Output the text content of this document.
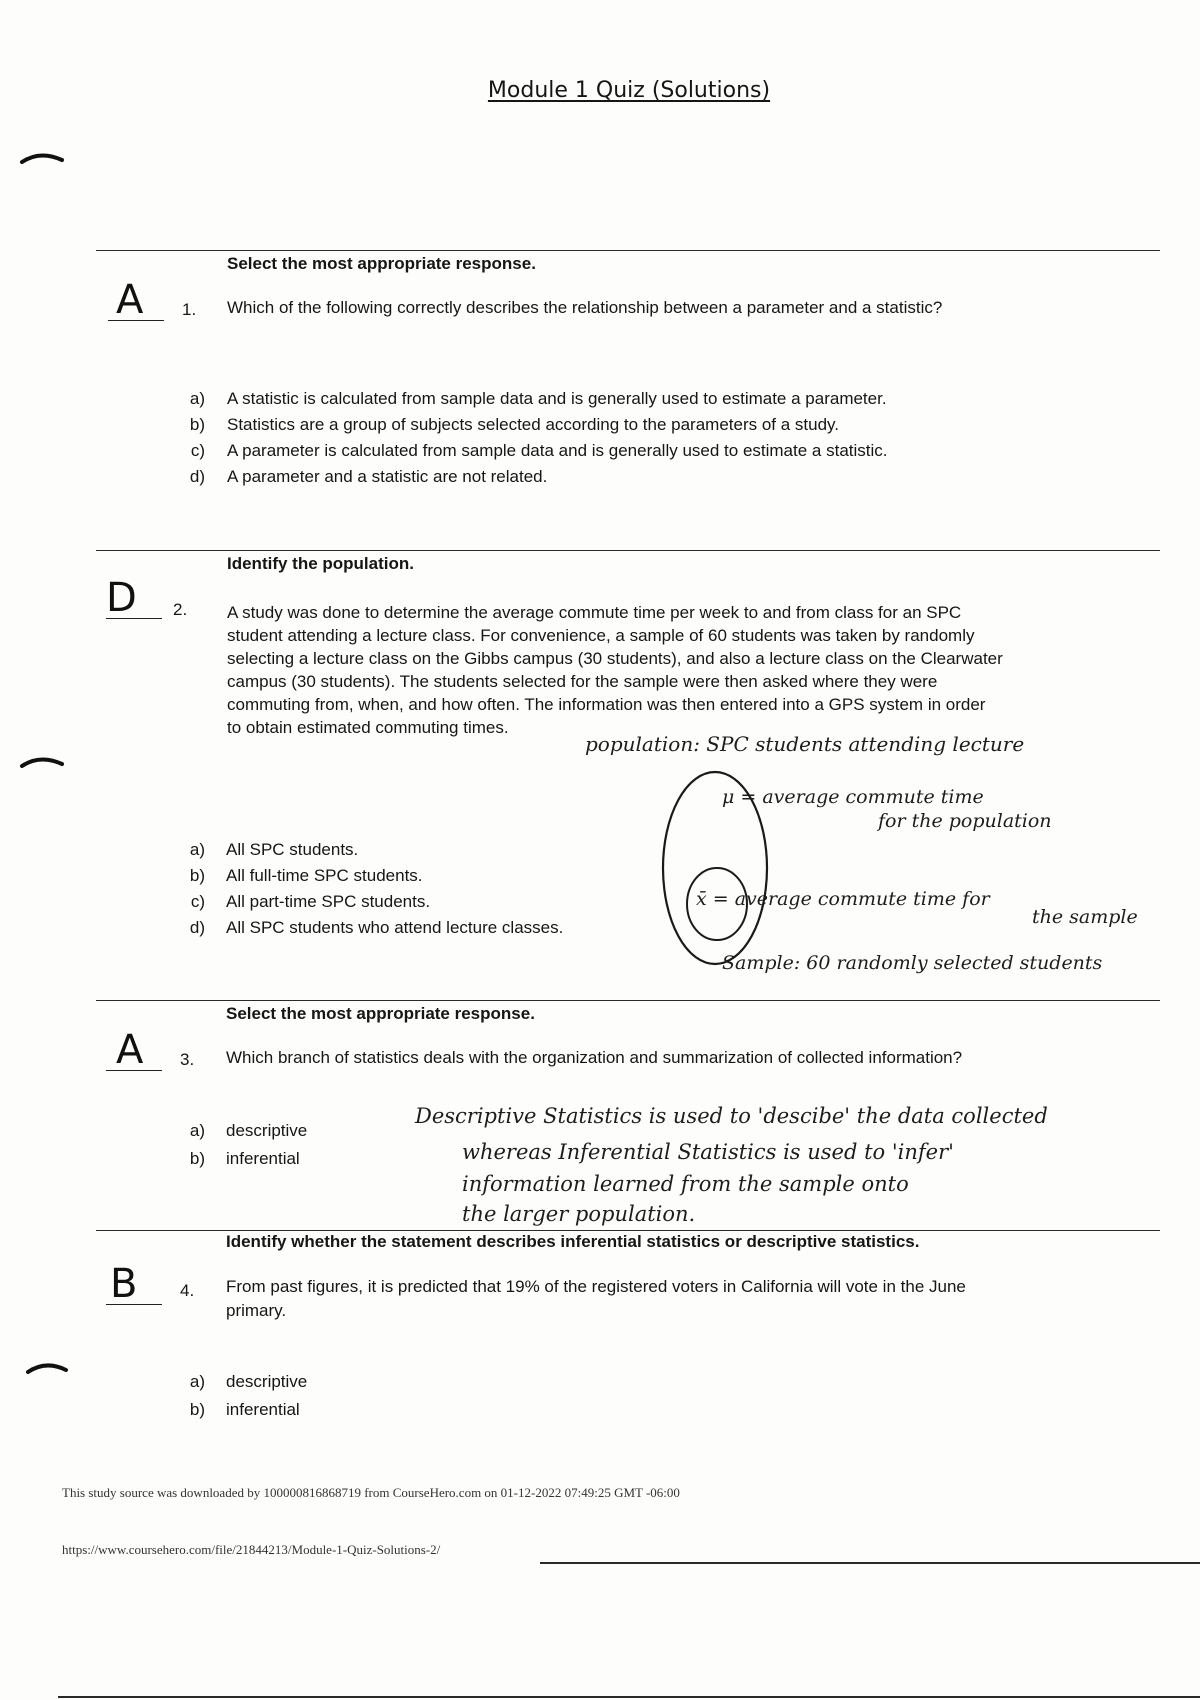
Module 1 Quiz (Solutions)
Select the most appropriate response.
A 1. Which of the following correctly describes the relationship between a parameter and a statistic?
a) A statistic is calculated from sample data and is generally used to estimate a parameter.
b) Statistics are a group of subjects selected according to the parameters of a study.
c) A parameter is calculated from sample data and is generally used to estimate a statistic.
d) A parameter and a statistic are not related.
Identify the population.
D 2. A study was done to determine the average commute time per week to and from class for an SPC
student attending a lecture class. For convenience, a sample of 60 students was taken by randomly
selecting a lecture class on the Gibbs campus (30 students), and also a lecture class on the Clearwater
campus (30 students). The students selected for the sample were then asked where they were
commuting from, when, and how often. The information was then entered into a GPS system in order
to obtain estimated commuting times.
a) All SPC students.
b) All full-time SPC students.
c) All part-time SPC students.
d) All SPC students who attend lecture classes.
population: SPC students attending lecture
μ = average commute time
for the population
x̄ = average commute time for
the sample
Sample: 60 randomly selected students
Select the most appropriate response.
A 3. Which branch of statistics deals with the organization and summarization of collected information?
a) descriptive
b) inferential
Descriptive Statistics is used to 'descibe' the data collected
whereas Inferential Statistics is used to 'infer'
information learned from the sample onto
the larger population.
Identify whether the statement describes inferential statistics or descriptive statistics.
B	4. From past figures, it is predicted that 19% of the registered voters in California will vote in the June
primary.
a) descriptive
b) inferential
This study source was downloaded by 100000816868719 from CourseHero.com on 01-12-2022 07:49:25 GMT -06:00
https://www.coursehero.com/file/21844213/Module-1-Quiz-Solutions-2/
